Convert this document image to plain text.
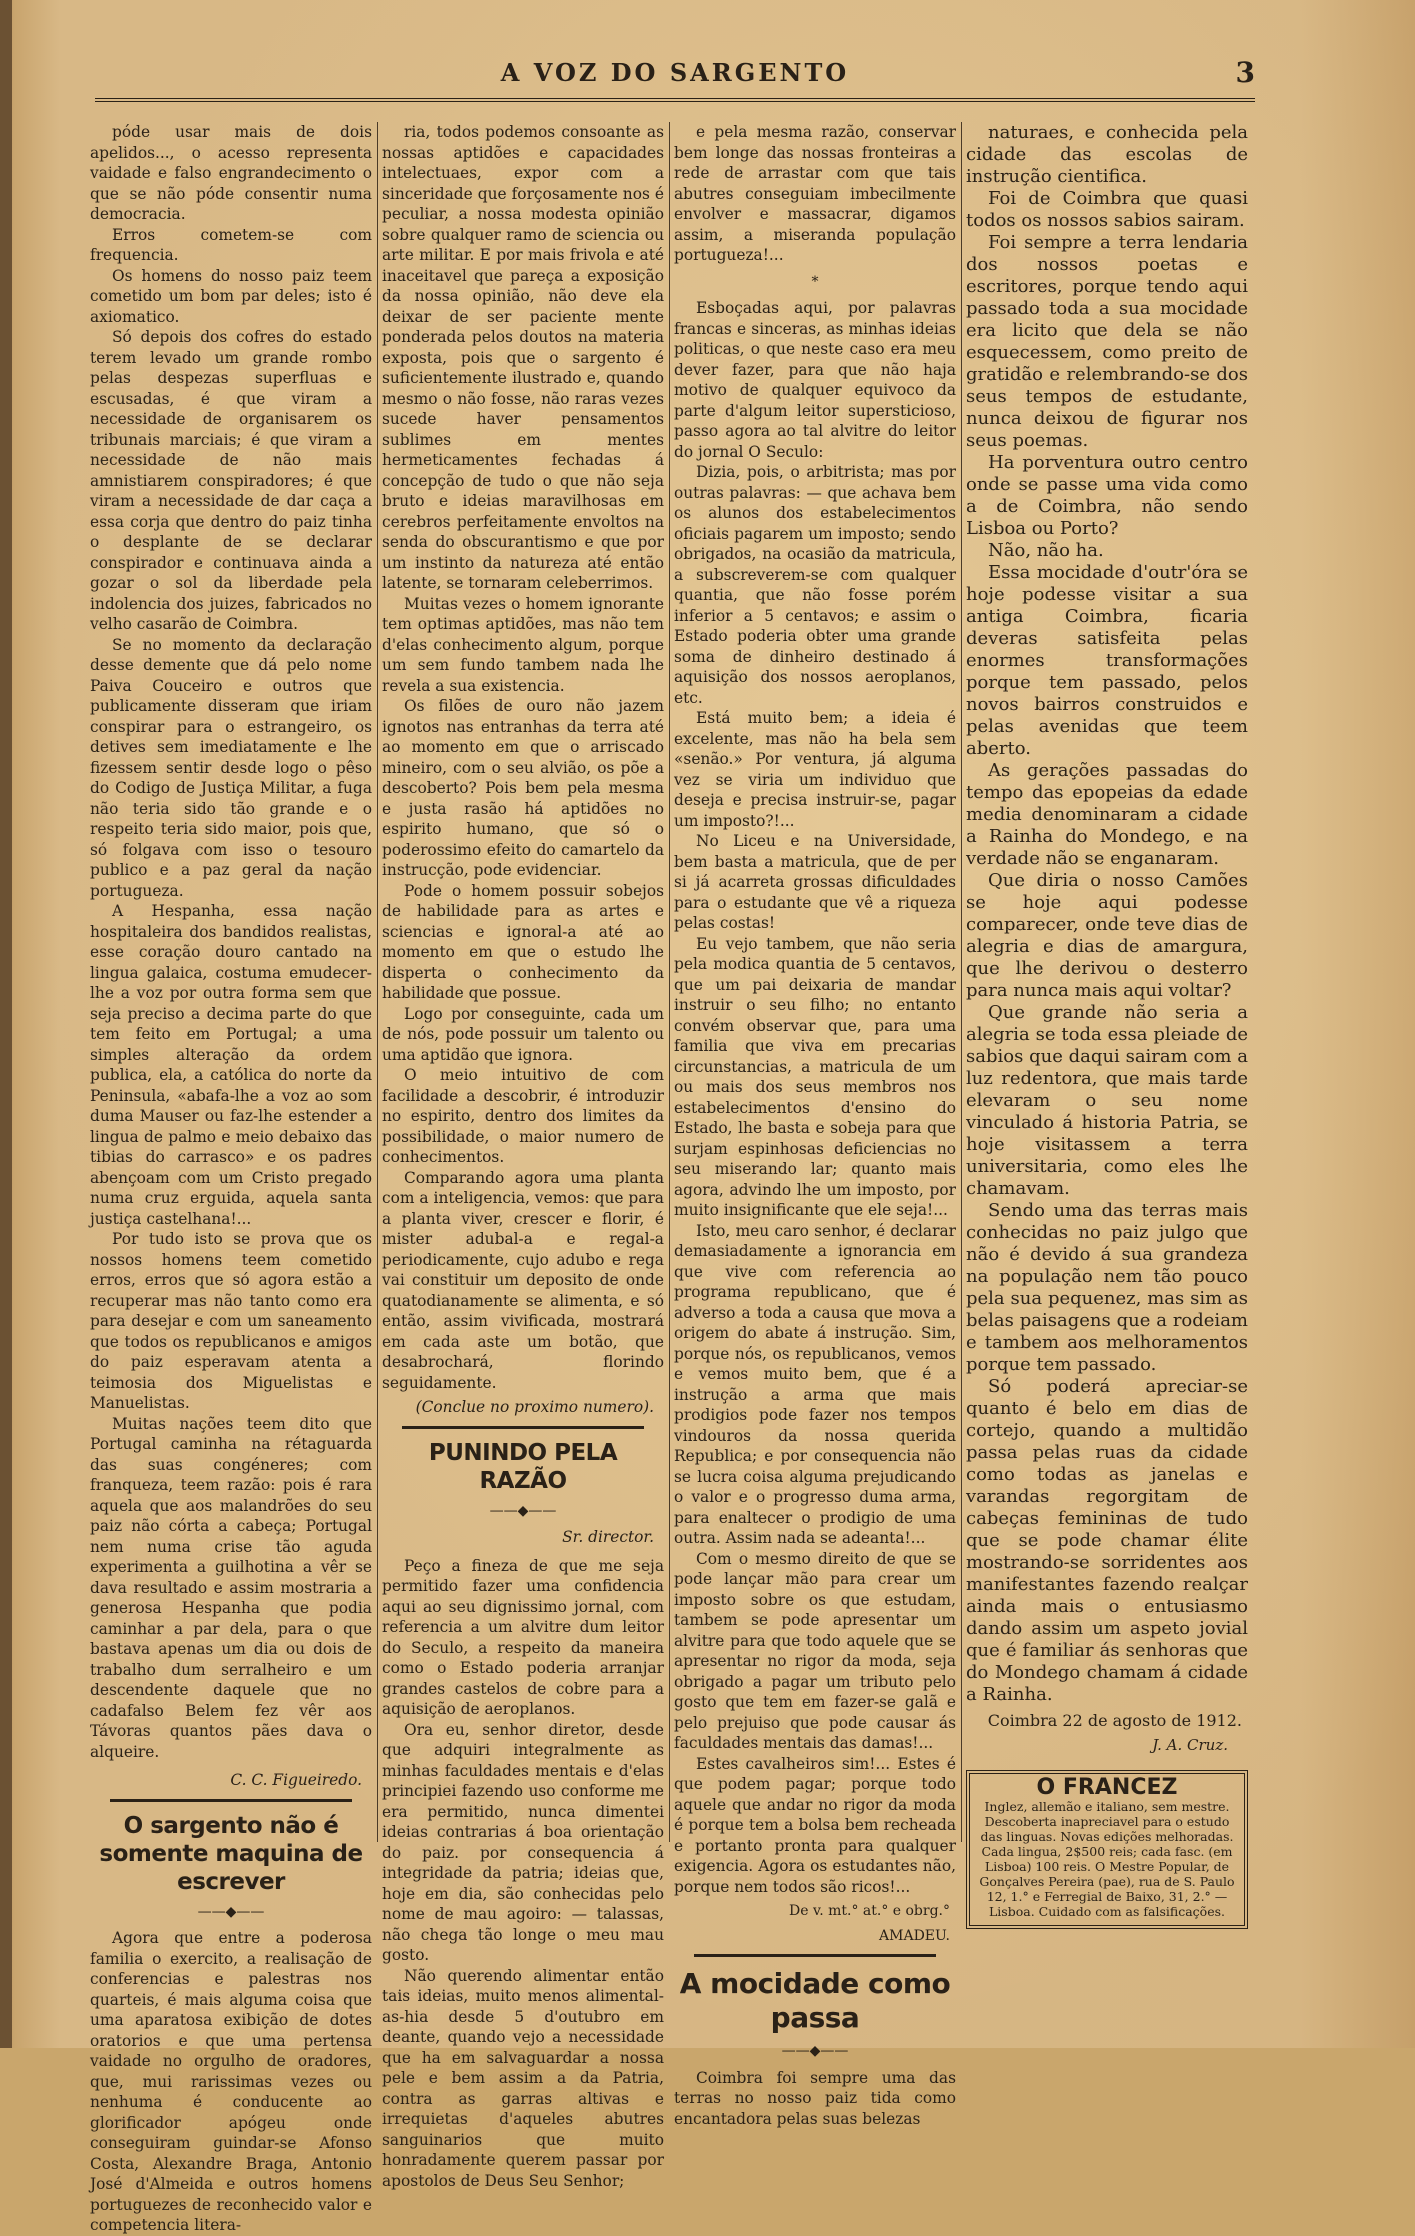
A VOZ DO SARGENTO	3

póde usar mais de dois apelidos..., o acesso representa vaidade e falso engrandecimento o que se não póde consentir numa democracia.

Erros cometem-se com frequencia.

Os homens do nosso paiz teem cometido um bom par deles; isto é axiomatico.

Só depois dos cofres do estado terem levado um grande rombo pelas despezas superfluas e escusadas, é que viram a necessidade de organisarem os tribunais marciais; é que viram a necessidade de não mais amnistiarem conspiradores; é que viram a necessidade de dar caça a essa corja que dentro do paiz tinha o desplante de se declarar conspirador e continuava ainda a gozar o sol da liberdade pela indolencia dos juizes, fabricados no velho casarão de Coimbra.

Se no momento da declaração desse demente que dá pelo nome Paiva Couceiro e outros que publicamente disseram que iriam conspirar para o estrangeiro, os detives sem imediatamente e lhe fizessem sentir desde logo o pêso do Codigo de Justiça Militar, a fuga não teria sido tão grande e o respeito teria sido maior, pois que, só folgava com isso o tesouro publico e a paz geral da nação portugueza.

A Hespanha, essa nação hospitaleira dos bandidos realistas, esse coração douro cantado na lingua galaica, costuma emudecer-lhe a voz por outra forma sem que seja preciso a decima parte do que tem feito em Portugal; a uma simples alteração da ordem publica, ela, a católica do norte da Peninsula, «abafa-lhe a voz ao som duma Mauser ou faz-lhe estender a lingua de palmo e meio debaixo das tibias do carrasco» e os padres abençoam com um Cristo pregado numa cruz erguida, aquela santa justiça castelhana!...

Por tudo isto se prova que os nossos homens teem cometido erros, erros que só agora estão a recuperar mas não tanto como era para desejar e com um saneamento que todos os republicanos e amigos do paiz esperavam atenta a teimosia dos Miguelistas e Manuelistas.

Muitas nações teem dito que Portugal caminha na rétaguarda das suas congéneres; com franqueza, teem razão: pois é rara aquela que aos malandrões do seu paiz não córta a cabeça; Portugal nem numa crise tão aguda experimenta a guilhotina a vêr se dava resultado e assim mostraria a generosa Hespanha que podia caminhar a par dela, para o que bastava apenas um dia ou dois de trabalho dum serralheiro e um descendente daquele que no cadafalso Belem fez vêr aos Távoras quantos pães dava o alqueire.

C. C. Figueiredo.

O sargento não é somente maquina de escrever

——◆——

Agora que entre a poderosa familia o exercito, a realisação de conferencias e palestras nos quarteis, é mais alguma coisa que uma aparatosa exibição de dotes oratorios e que uma pertensa vaidade no orgulho de oradores, que, mui rarissimas vezes ou nenhuma é conducente ao glorificador apógeu onde conseguiram guindar-se Afonso Costa, Alexandre Braga, Antonio José d'Almeida e outros homens portuguezes de reconhecido valor e competencia litera-

ria, todos podemos consoante as nossas aptidões e capacidades intelectuaes, expor com a sinceridade que forçosamente nos é peculiar, a nossa modesta opinião sobre qualquer ramo de sciencia ou arte militar. E por mais frivola e até inaceitavel que pareça a exposição da nossa opinião, não deve ela deixar de ser paciente mente ponderada pelos doutos na materia exposta, pois que o sargento é suficientemente ilustrado e, quando mesmo o não fosse, não raras vezes sucede haver pensamentos sublimes em mentes hermeticamentes fechadas á concepção de tudo o que não seja bruto e ideias maravilhosas em cerebros perfeitamente envoltos na senda do obscurantismo e que por um instinto da natureza até então latente, se tornaram celeberrimos.

Muitas vezes o homem ignorante tem optimas aptidões, mas não tem d'elas conhecimento algum, porque um sem fundo tambem nada lhe revela a sua existencia.

Os filões de ouro não jazem ignotos nas entranhas da terra até ao momento em que o arriscado mineiro, com o seu alvião, os põe a descoberto? Pois bem pela mesma e justa rasão há aptidões no espirito humano, que só o poderossimo efeito do camartelo da instrucção, pode evidenciar.

Pode o homem possuir sobejos de habilidade para as artes e sciencias e ignoral-a até ao momento em que o estudo lhe disperta o conhecimento da habilidade que possue.

Logo por conseguinte, cada um de nós, pode possuir um talento ou uma aptidão que ignora.

O meio intuitivo de com facilidade a descobrir, é introduzir no espirito, dentro dos limites da possibilidade, o maior numero de conhecimentos.

Comparando agora uma planta com a inteligencia, vemos: que para a planta viver, crescer e florir, é mister adubal-a e regal-a periodicamente, cujo adubo e rega vai constituir um deposito de onde quatodianamente se alimenta, e só então, assim vivificada, mostrará em cada aste um botão, que desabrochará, florindo seguidamente.

(Conclue no proximo numero).

PUNINDO PELA RAZÃO

——◆——

Sr. director.

Peço a fineza de que me seja permitido fazer uma confidencia aqui ao seu dignissimo jornal, com referencia a um alvitre dum leitor do Seculo, a respeito da maneira como o Estado poderia arranjar grandes castelos de cobre para a aquisição de aeroplanos.

Ora eu, senhor diretor, desde que adquiri integralmente as minhas faculdades mentais e d'elas principiei fazendo uso conforme me era permitido, nunca dimentei ideias contrarias á boa orientação do paiz. por consequencia á integridade da patria; ideias que, hoje em dia, são conhecidas pelo nome de mau agoiro: — talassas, não chega tão longe o meu mau gosto.

Não querendo alimentar então tais ideias, muito menos alimental-as-hia desde 5 d'outubro em deante, quando vejo a necessidade que ha em salvaguardar a nossa pele e bem assim a da Patria, contra as garras altivas e irrequietas d'aqueles abutres sanguinarios que muito honradamente querem passar por apostolos de Deus Seu Senhor;

e pela mesma razão, conservar bem longe das nossas fronteiras a rede de arrastar com que tais abutres conseguiam imbecilmente envolver e massacrar, digamos assim, a miseranda população portugueza!...

*

Esboçadas aqui, por palavras francas e sinceras, as minhas ideias politicas, o que neste caso era meu dever fazer, para que não haja motivo de qualquer equivoco da parte d'algum leitor supersticioso, passo agora ao tal alvitre do leitor do jornal O Seculo:

Dizia, pois, o arbitrista; mas por outras palavras: — que achava bem os alunos dos estabelecimentos oficiais pagarem um imposto; sendo obrigados, na ocasião da matricula, a subscreverem-se com qualquer quantia, que não fosse porém inferior a 5 centavos; e assim o Estado poderia obter uma grande soma de dinheiro destinado á aquisição dos nossos aeroplanos, etc.

Está muito bem; a ideia é excelente, mas não ha bela sem «senão.» Por ventura, já alguma vez se viria um individuo que deseja e precisa instruir-se, pagar um imposto?!...

No Liceu e na Universidade, bem basta a matricula, que de per si já acarreta grossas dificuldades para o estudante que vê a riqueza pelas costas!

Eu vejo tambem, que não seria pela modica quantia de 5 centavos, que um pai deixaria de mandar instruir o seu filho; no entanto convém observar que, para uma familia que viva em precarias circunstancias, a matricula de um ou mais dos seus membros nos estabelecimentos d'ensino do Estado, lhe basta e sobeja para que surjam espinhosas deficiencias no seu miserando lar; quanto mais agora, advindo lhe um imposto, por muito insignificante que ele seja!...

Isto, meu caro senhor, é declarar demasiadamente a ignorancia em que vive com referencia ao programa republicano, que é adverso a toda a causa que mova a origem do abate á instrução. Sim, porque nós, os republicanos, vemos e vemos muito bem, que é a instrução a arma que mais prodigios pode fazer nos tempos vindouros da nossa querida Republica; e por consequencia não se lucra coisa alguma prejudicando o valor e o progresso duma arma, para enaltecer o prodigio de uma outra. Assim nada se adeanta!...

Com o mesmo direito de que se pode lançar mão para crear um imposto sobre os que estudam, tambem se pode apresentar um alvitre para que todo aquele que se apresentar no rigor da moda, seja obrigado a pagar um tributo pelo gosto que tem em fazer-se galã e pelo prejuiso que pode causar ás faculdades mentais das damas!...

Estes cavalheiros sim!... Estes é que podem pagar; porque todo aquele que andar no rigor da moda é porque tem a bolsa bem recheada e portanto pronta para qualquer exigencia. Agora os estudantes não, porque nem todos são ricos!...

De v. mt.° at.° e obrg.°

AMADEU.

A mocidade como passa

——◆——

Coimbra foi sempre uma das terras no nosso paiz tida como encantadora pelas suas belezas

naturaes, e conhecida pela cidade das escolas de instrução cientifica.

Foi de Coimbra que quasi todos os nossos sabios sairam.

Foi sempre a terra lendaria dos nossos poetas e escritores, porque tendo aqui passado toda a sua mocidade era licito que dela se não esquecessem, como preito de gratidão e relembrando-se dos seus tempos de estudante, nunca deixou de figurar nos seus poemas.

Ha porventura outro centro onde se passe uma vida como a de Coimbra, não sendo Lisboa ou Porto?

Não, não ha.

Essa mocidade d'outr'óra se hoje podesse visitar a sua antiga Coimbra, ficaria deveras satisfeita pelas enormes transformações porque tem passado, pelos novos bairros construidos e pelas avenidas que teem aberto.

As gerações passadas do tempo das epopeias da edade media denominaram a cidade a Rainha do Mondego, e na verdade não se enganaram.

Que diria o nosso Camões se hoje aqui podesse comparecer, onde teve dias de alegria e dias de amargura, que lhe derivou o desterro para nunca mais aqui voltar?

Que grande não seria a alegria se toda essa pleiade de sabios que daqui sairam com a luz redentora, que mais tarde elevaram o seu nome vinculado á historia Patria, se hoje visitassem a terra universitaria, como eles lhe chamavam.

Sendo uma das terras mais conhecidas no paiz julgo que não é devido á sua grandeza na população nem tão pouco pela sua pequenez, mas sim as belas paisagens que a rodeiam e tambem aos melhoramentos porque tem passado.

Só poderá apreciar-se quanto é belo em dias de cortejo, quando a multidão passa pelas ruas da cidade como todas as janelas e varandas regorgitam de cabeças femininas de tudo que se pode chamar élite mostrando-se sorridentes aos manifestantes fazendo realçar ainda mais o entusiasmo dando assim um aspeto jovial que é familiar ás senhoras que do Mondego chamam á cidade a Rainha.

Coimbra 22 de agosto de 1912.

J. A. Cruz.

O FRANCEZ
Inglez, allemão e italiano, sem mestre. Descoberta inapreciavel para o estudo das linguas. Novas edições melhoradas. Cada lingua, 2$500 reis; cada fasc. (em Lisboa) 100 reis. O Mestre Popular, de Gonçalves Pereira (pae), rua de S. Paulo 12, 1.° e Ferregial de Baixo, 31, 2.° — Lisboa. Cuidado com as falsificações.
